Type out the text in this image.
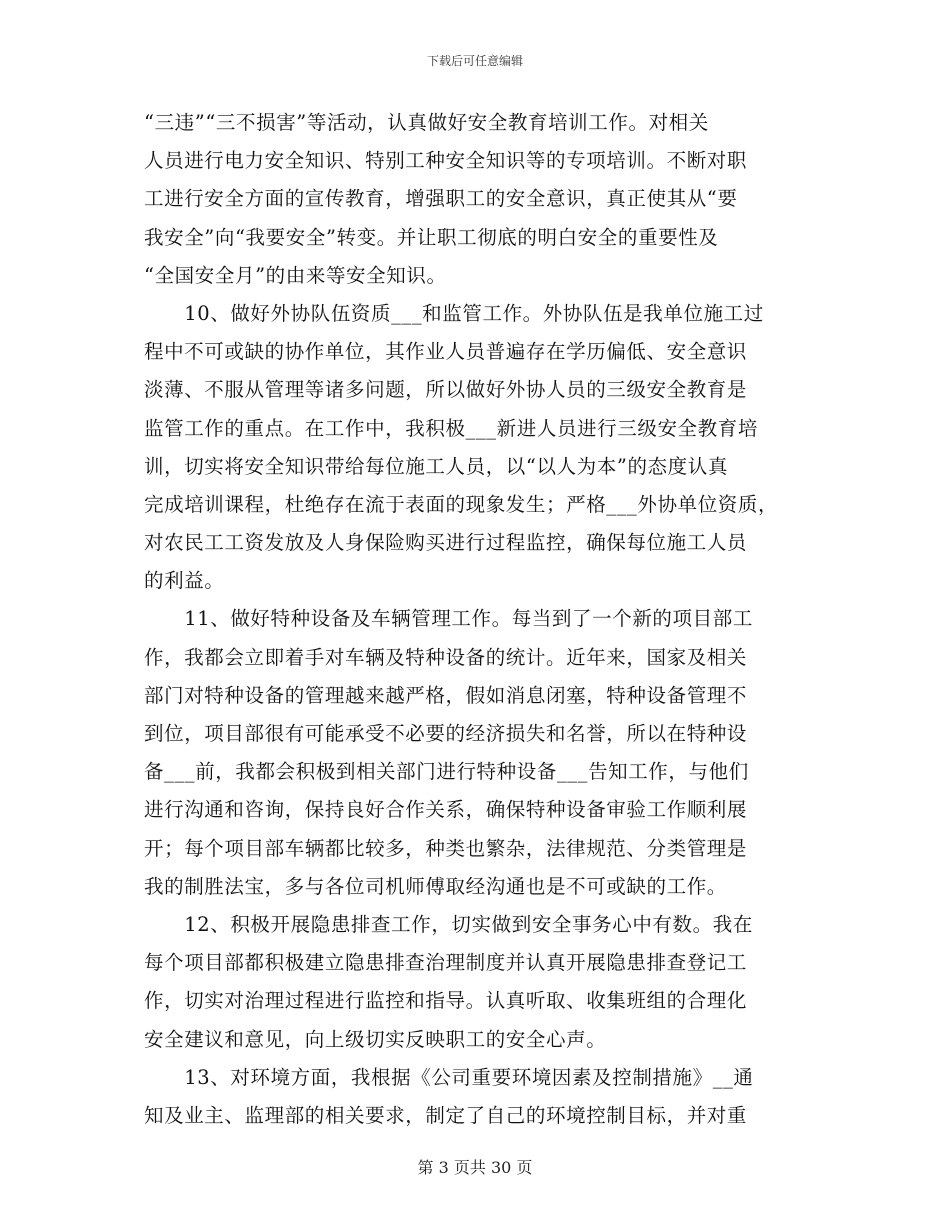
下载后可任意编辑
“三违”“三不损害”等活动，认真做好安全教育培训工作。对相关
人员进行电力安全知识、特别工种安全知识等的专项培训。不断对职
工进行安全方面的宣传教育，增强职工的安全意识，真正使其从“要
我安全”向“我要安全”转变。并让职工彻底的明白安全的重要性及
“全国安全月”的由来等安全知识。
　　10、做好外协队伍资质___和监管工作。外协队伍是我单位施工过
程中不可或缺的协作单位，其作业人员普遍存在学历偏低、安全意识
淡薄、不服从管理等诸多问题，所以做好外协人员的三级安全教育是
监管工作的重点。在工作中，我积极___新进人员进行三级安全教育培
训，切实将安全知识带给每位施工人员，以“以人为本”的态度认真
完成培训课程，杜绝存在流于表面的现象发生；严格___外协单位资质，
对农民工工资发放及人身保险购买进行过程监控，确保每位施工人员
的利益。
　　11、做好特种设备及车辆管理工作。每当到了一个新的项目部工
作，我都会立即着手对车辆及特种设备的统计。近年来，国家及相关
部门对特种设备的管理越来越严格，假如消息闭塞，特种设备管理不
到位，项目部很有可能承受不必要的经济损失和名誉，所以在特种设
备___前，我都会积极到相关部门进行特种设备___告知工作，与他们
进行沟通和咨询，保持良好合作关系，确保特种设备审验工作顺利展
开；每个项目部车辆都比较多，种类也繁杂，法律规范、分类管理是
我的制胜法宝，多与各位司机师傅取经沟通也是不可或缺的工作。
　　12、积极开展隐患排查工作，切实做到安全事务心中有数。我在
每个项目部都积极建立隐患排查治理制度并认真开展隐患排查登记工
作，切实对治理过程进行监控和指导。认真听取、收集班组的合理化
安全建议和意见，向上级切实反映职工的安全心声。
　　13、对环境方面，我根据《公司重要环境因素及控制措施》__通
知及业主、监理部的相关要求，制定了自己的环境控制目标，并对重
第 3 页共 30 页
